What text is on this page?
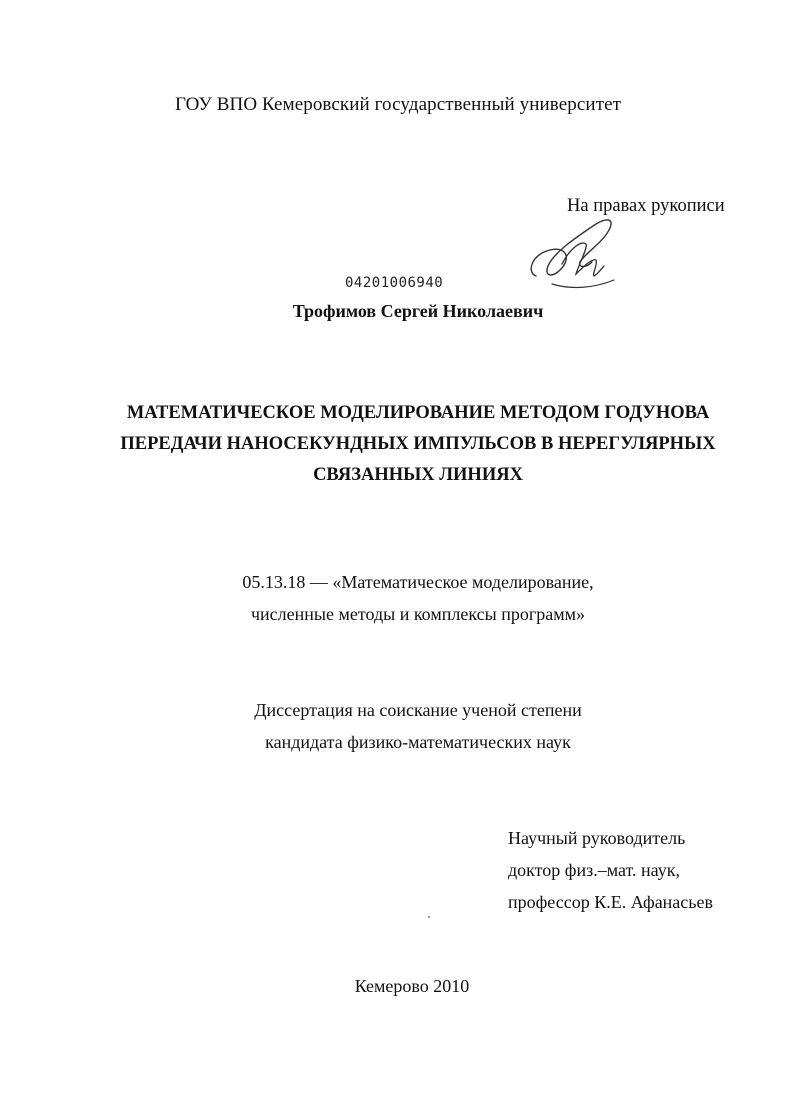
ГОУ ВПО Кемеровский государственный университет
На правах рукописи
04201006940
Трофимов Сергей Николаевич
МАТЕМАТИЧЕСКОЕ МОДЕЛИРОВАНИЕ МЕТОДОМ ГОДУНОВА
ПЕРЕДАЧИ НАНОСЕКУНДНЫХ ИМПУЛЬСОВ В НЕРЕГУЛЯРНЫХ
СВЯЗАННЫХ ЛИНИЯХ
05.13.18 — «Математическое моделирование,
численные методы и комплексы программ»
Диссертация на соискание ученой степени
кандидата физико-математических наук
Научный руководитель
доктор физ.–мат. наук,
профессор К.Е. Афанасьев
Кемерово 2010
